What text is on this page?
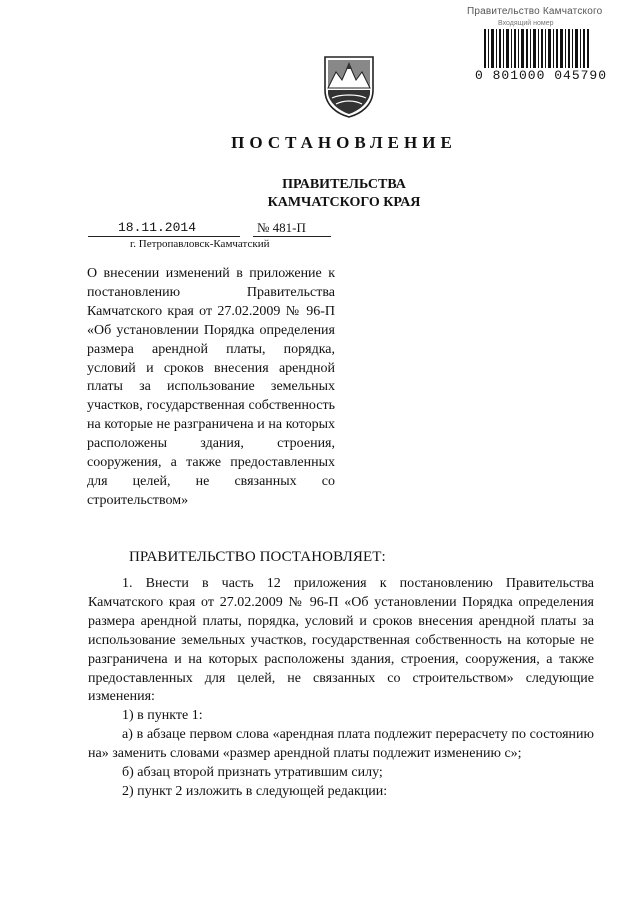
Правительство Камчатского
Входящий номер
0 801000 045790
ПОСТАНОВЛЕНИЕ
ПРАВИТЕЛЬСТВА
КАМЧАТСКОГО КРАЯ
18.11.2014	№ 481-П
г. Петропавловск-Камчатский
О внесении изменений в приложение к постановлению Правительства Камчатского края от 27.02.2009 № 96-П «Об установлении Порядка определения размера арендной платы, порядка, условий и сроков внесения арендной платы за использование земельных участков, государственная собственность на которые не разграничена и на которых расположены здания, строения, сооружения, а также предоставленных для целей, не связанных со строительством»
ПРАВИТЕЛЬСТВО ПОСТАНОВЛЯЕТ:

1. Внести в часть 12 приложения к постановлению Правительства Камчатского края от 27.02.2009 № 96-П «Об установлении Порядка определения размера арендной платы, порядка, условий и сроков внесения арендной платы за использование земельных участков, государственная собственность на которые не разграничена и на которых расположены здания, строения, сооружения, а также предоставленных для целей, не связанных со строительством» следующие изменения:

1) в пункте 1:

а) в абзаце первом слова «арендная плата подлежит перерасчету по состоянию на» заменить словами «размер арендной платы подлежит изменению с»;

б) абзац второй признать утратившим силу;

2) пункт 2 изложить в следующей редакции:
